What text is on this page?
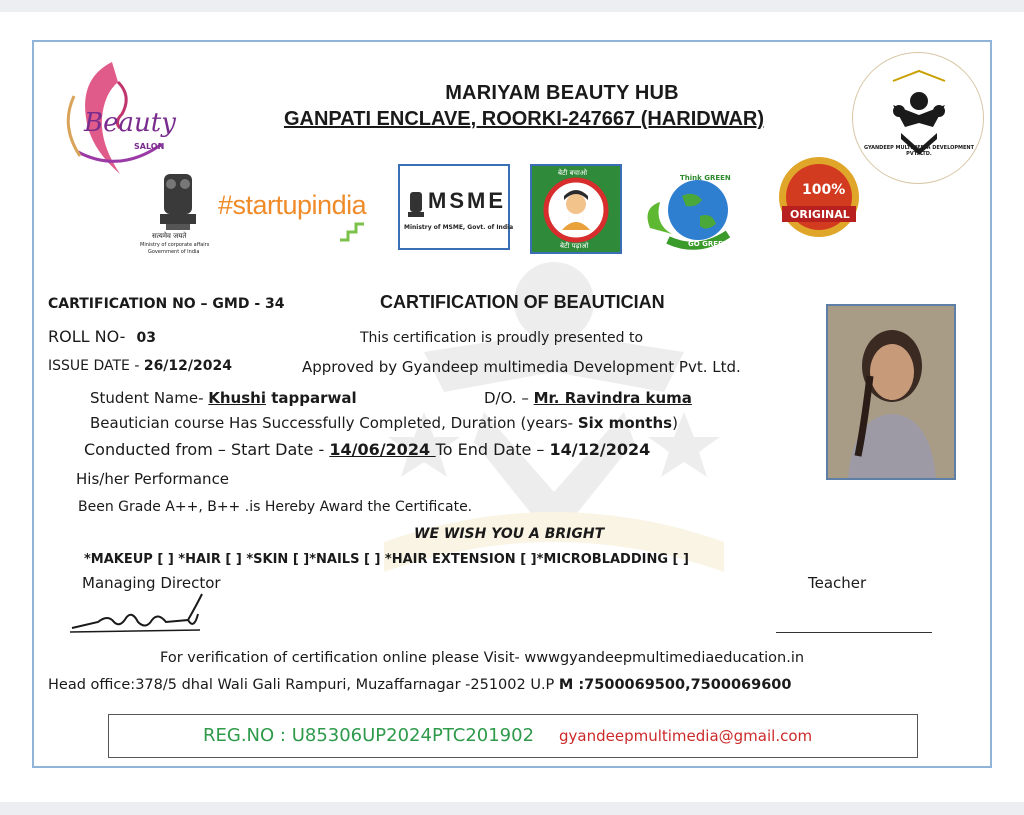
Beauty
SALON
MARIYAM BEAUTY HUB
GANPATI ENCLAVE, ROORKI-247667 (HARIDWAR)
GYANDEEP MULTIMEDIA DEVELOPMENT PVT. LTD.
सत्यमेव जयते
Ministry of corporate affairs
Government of India
#startupindia	MSME
Ministry of MSME, Govt. of India
बेटी बचाओ
बेटी पढ़ाओ
Think GREEN
GO GREEN
100%
ORIGINAL
CARTIFICATION NO – GMD - 34	CARTIFICATION OF BEAUTICIAN
ROLL NO- 03	This certification is proudly presented to
ISSUE DATE - 26/12/2024	Approved by Gyandeep multimedia Development Pvt. Ltd.
Student Name- Khushi tapparwal	D/O. – Mr. Ravindra kuma
Beautician course Has Successfully Completed, Duration (years- Six months)
Conducted from – Start Date - 14/06/2024 To End Date – 14/12/2024
His/her Performance
Been Grade A++, B++ .is Hereby Award the Certificate.
WE WISH YOU A BRIGHT
*MAKEUP [ ] *HAIR [ ] *SKIN [ ]*NAILS [ ] *HAIR EXTENSION [ ]*MICROBLADDING [ ]
Managing Director	Teacher
For verification of certification online please Visit- wwwgyandeepmultimediaeducation.in
Head office:378/5 dhal Wali Gali Rampuri, Muzaffarnagar -251002 U.P M :7500069500,7500069600
REG.NO : U85306UP2024PTC201902 gyandeepmultimedia@gmail.com
